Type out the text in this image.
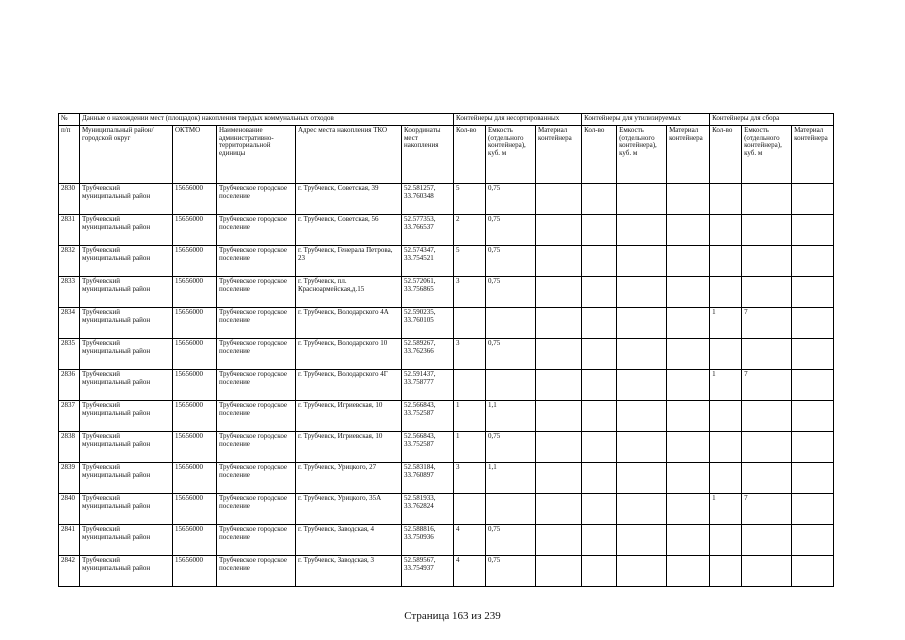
№	Данные о нахождении мест (площадок) накопления твердых коммунальных отходов					Контейнеры для несортированных			Контейнеры для утилизируемых			Контейнеры для сбора		
п/п	Муниципальный район/городской округ	ОКТМО	Наименование административно-территориальной единицы	Адрес места накопления ТКО	Координаты мест накопления	Кол-во	Емкость (отдельного контейнера), куб. м	Материал контейнера	Кол-во	Емкость (отдельного контейнера), куб. м	Материал контейнера	Кол-во	Емкость (отдельного контейнера), куб. м	Материал контейнера
2830	Трубчевский муниципальный район	15656000	Трубчевское городское поселение	г. Трубчевск, Советская, 39	52.581257, 33.760348	5	0,75							
2831	Трубчевский муниципальный район	15656000	Трубчевское городское поселение	г. Трубчевск, Советская, 56	52.577353, 33.766537	2	0,75							
2832	Трубчевский муниципальный район	15656000	Трубчевское городское поселение	г. Трубчевск, Генерала Петрова, 23	52.574347, 33.754521	5	0,75							
2833	Трубчевский муниципальный район	15656000	Трубчевское городское поселение	г. Трубчевск, пл. Красноармейская,д.15	52.572061, 33.756865	3	0,75							
2834	Трубчевский муниципальный район	15656000	Трубчевское городское поселение	г. Трубчевск, Володарского 4А	52.590235, 33.760105							1	7	
2835	Трубчевский муниципальный район	15656000	Трубчевское городское поселение	г. Трубчевск, Володарского 10	52.589267, 33.762366	3	0,75							
2836	Трубчевский муниципальный район	15656000	Трубчевское городское поселение	г. Трубчевск, Володарского 4Г	52.591437, 33.758777							1	7	
2837	Трубчевский муниципальный район	15656000	Трубчевское городское поселение	г. Трубчевск, Игриевская, 10	52.566843, 33.752587	1	1,1							
2838	Трубчевский муниципальный район	15656000	Трубчевское городское поселение	г. Трубчевск, Игриевская, 10	52.566843, 33.752587	1	0,75							
2839	Трубчевский муниципальный район	15656000	Трубчевское городское поселение	г. Трубчевск, Урицкого, 27	52.583184, 33.760897	3	1,1							
2840	Трубчевский муниципальный район	15656000	Трубчевское городское поселение	г. Трубчевск, Урицкого, 35А	52.581933, 33.762824							1	7	
2841	Трубчевский муниципальный район	15656000	Трубчевское городское поселение	г. Трубчевск, Заводская, 4	52.588816, 33.750936	4	0,75							
2842	Трубчевский муниципальный район	15656000	Трубчевское городское поселение	г. Трубчевск, Заводская, 3	52.589567, 33.754937	4	0,75							
Страница 163 из 239
